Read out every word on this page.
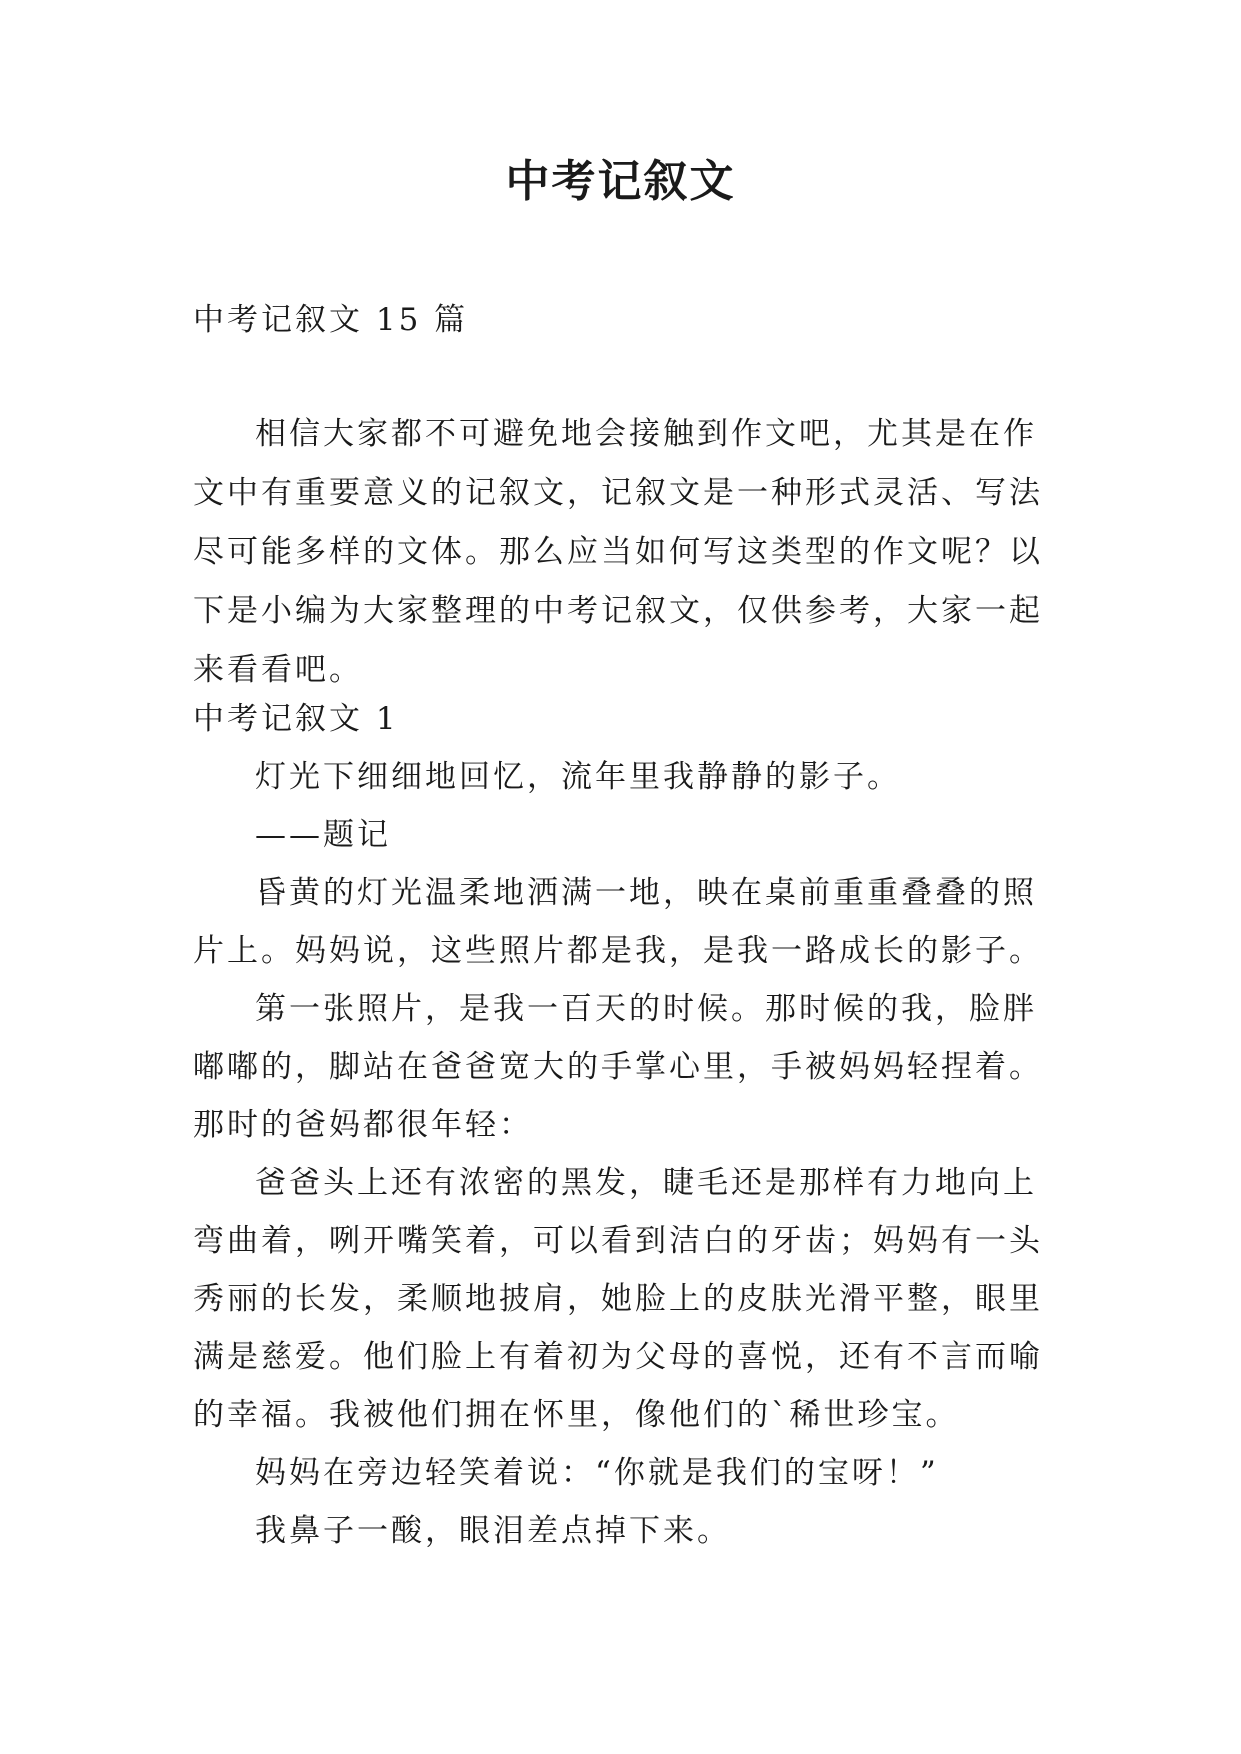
中考记叙文

中考记叙文 15 篇

相信大家都不可避免地会接触到作文吧，尤其是在作文中有重要意义的记叙文，记叙文是一种形式灵活、写法尽可能多样的文体。那么应当如何写这类型的作文呢？以下是小编为大家整理的中考记叙文，仅供参考，大家一起来看看吧。

中考记叙文 1

灯光下细细地回忆，流年里我静静的影子。

——题记

昏黄的灯光温柔地洒满一地，映在桌前重重叠叠的照片上。妈妈说，这些照片都是我，是我一路成长的影子。

第一张照片，是我一百天的时候。那时候的我，脸胖嘟嘟的，脚站在爸爸宽大的手掌心里，手被妈妈轻捏着。那时的爸妈都很年轻：

爸爸头上还有浓密的黑发，睫毛还是那样有力地向上弯曲着，咧开嘴笑着，可以看到洁白的牙齿；妈妈有一头秀丽的长发，柔顺地披肩，她脸上的皮肤光滑平整，眼里满是慈爱。他们脸上有着初为父母的喜悦，还有不言而喻的幸福。我被他们拥在怀里，像他们的`稀世珍宝。

妈妈在旁边轻笑着说：“你就是我们的宝呀！”

我鼻子一酸，眼泪差点掉下来。
